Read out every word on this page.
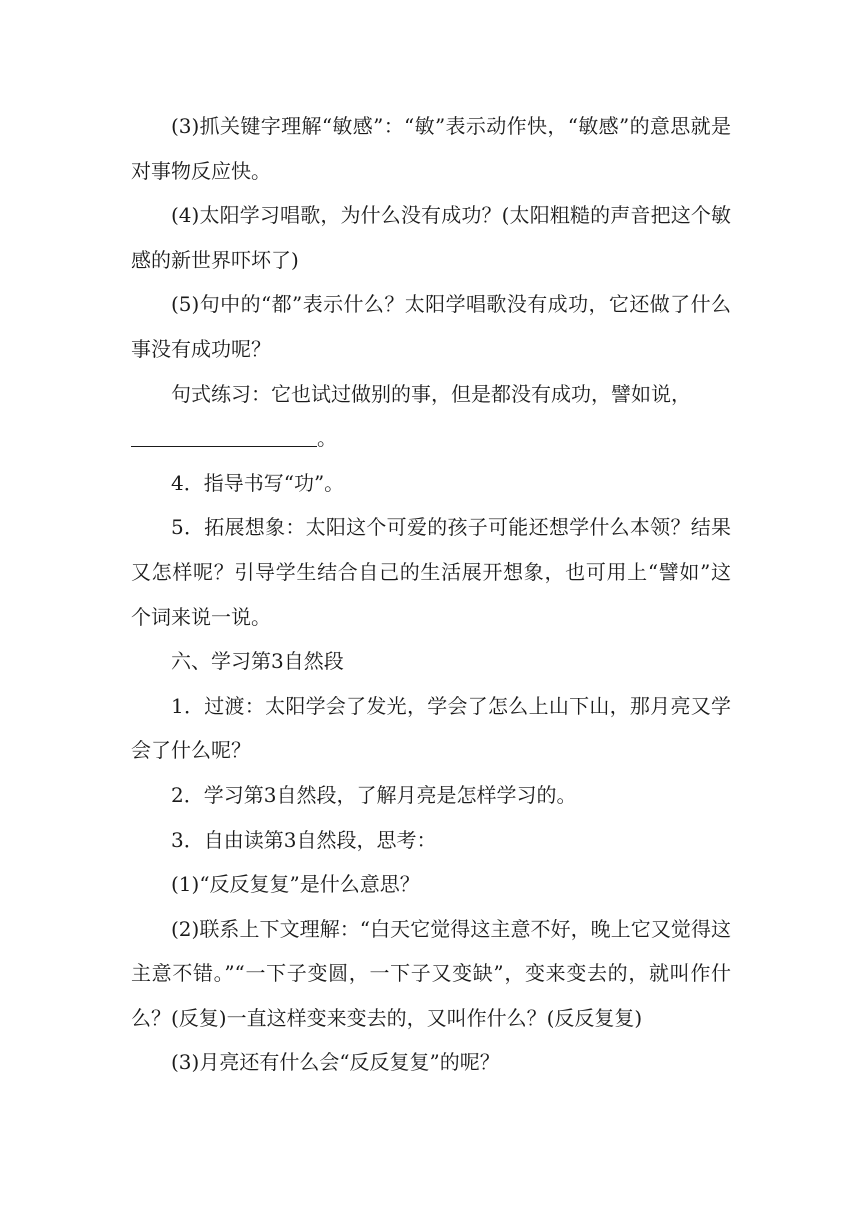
(3)抓关键字理解“敏感”：“敏”表示动作快，“敏感”的意思就是对事物反应快。

(4)太阳学习唱歌，为什么没有成功？(太阳粗糙的声音把这个敏感的新世界吓坏了)

(5)句中的“都”表示什么？太阳学唱歌没有成功，它还做了什么事没有成功呢？

句式练习：它也试过做别的事，但是都没有成功，譬如说，

。

4．指导书写“功”。

5．拓展想象：太阳这个可爱的孩子可能还想学什么本领？结果又怎样呢？引导学生结合自己的生活展开想象，也可用上“譬如”这个词来说一说。

六、学习第3自然段

1．过渡：太阳学会了发光，学会了怎么上山下山，那月亮又学会了什么呢？

2．学习第3自然段，了解月亮是怎样学习的。

3．自由读第3自然段，思考：

(1)“反反复复”是什么意思？

(2)联系上下文理解：“白天它觉得这主意不好，晚上它又觉得这主意不错。”“一下子变圆，一下子又变缺”，变来变去的，就叫作什么？(反复)一直这样变来变去的，又叫作什么？(反反复复)

(3)月亮还有什么会“反反复复”的呢？
